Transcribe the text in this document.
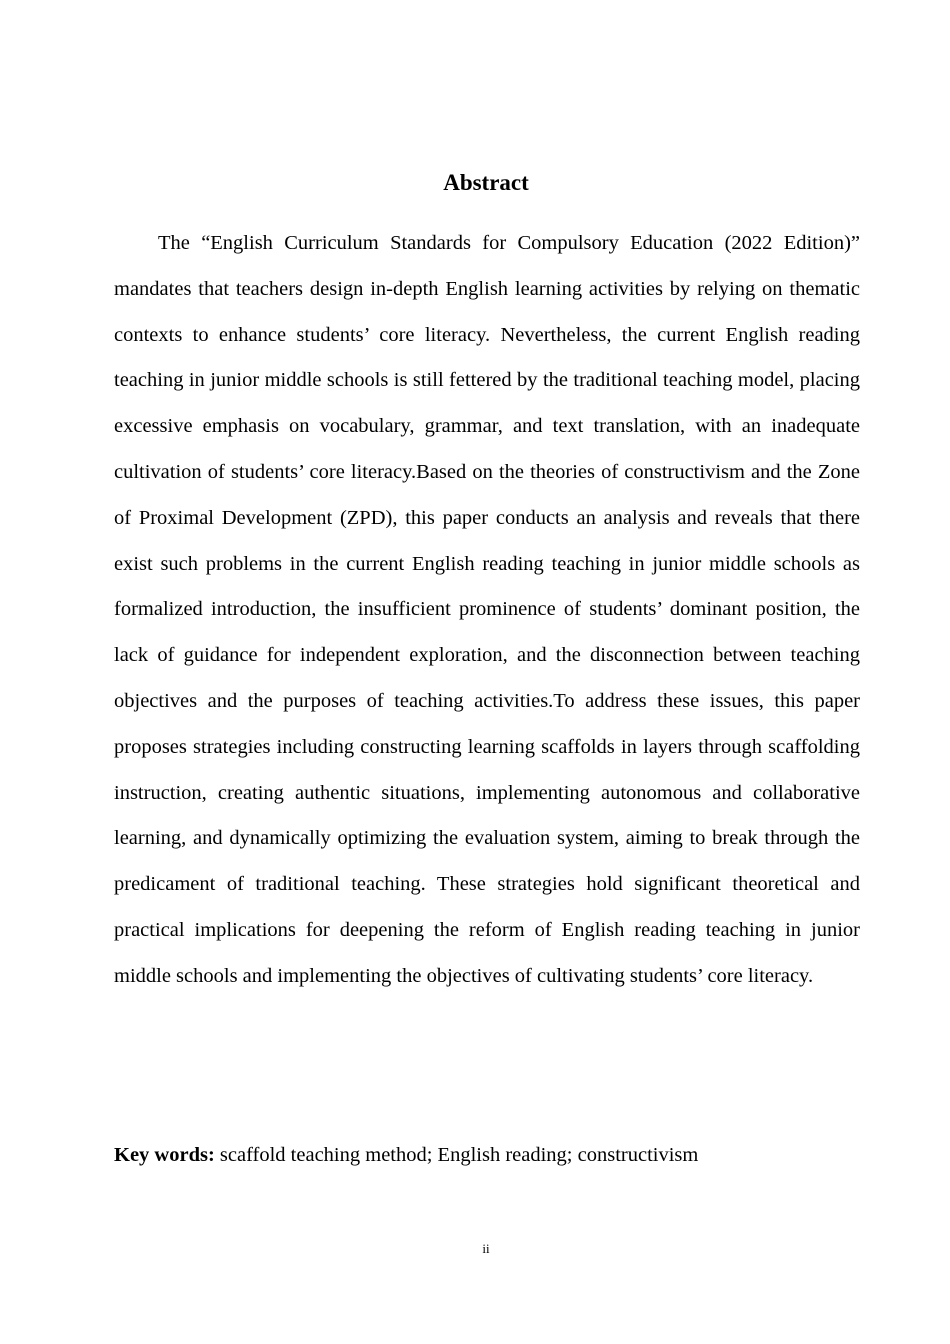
Abstract

The “English Curriculum Standards for Compulsory Education (2022 Edition)” mandates that teachers design in-depth English learning activities by relying on thematic contexts to enhance students’ core literacy. Nevertheless, the current English reading teaching in junior middle schools is still fettered by the traditional teaching model, placing excessive emphasis on vocabulary, grammar, and text translation, with an inadequate cultivation of students’ core literacy.Based on the theories of constructivism and the Zone of Proximal Development (ZPD), this paper conducts an analysis and reveals that there exist such problems in the current English reading teaching in junior middle schools as formalized introduction, the insufficient prominence of students’ dominant position, the lack of guidance for independent exploration, and the disconnection between teaching objectives and the purposes of teaching activities.To address these issues, this paper proposes strategies including constructing learning scaffolds in layers through scaffolding instruction, creating authentic situations, implementing autonomous and collaborative learning, and dynamically optimizing the evaluation system, aiming to break through the predicament of traditional teaching. These strategies hold significant theoretical and practical implications for deepening the reform of English reading teaching in junior middle schools and implementing the objectives of cultivating students’ core literacy.

Key words: scaffold teaching method; English reading; constructivism

ii
